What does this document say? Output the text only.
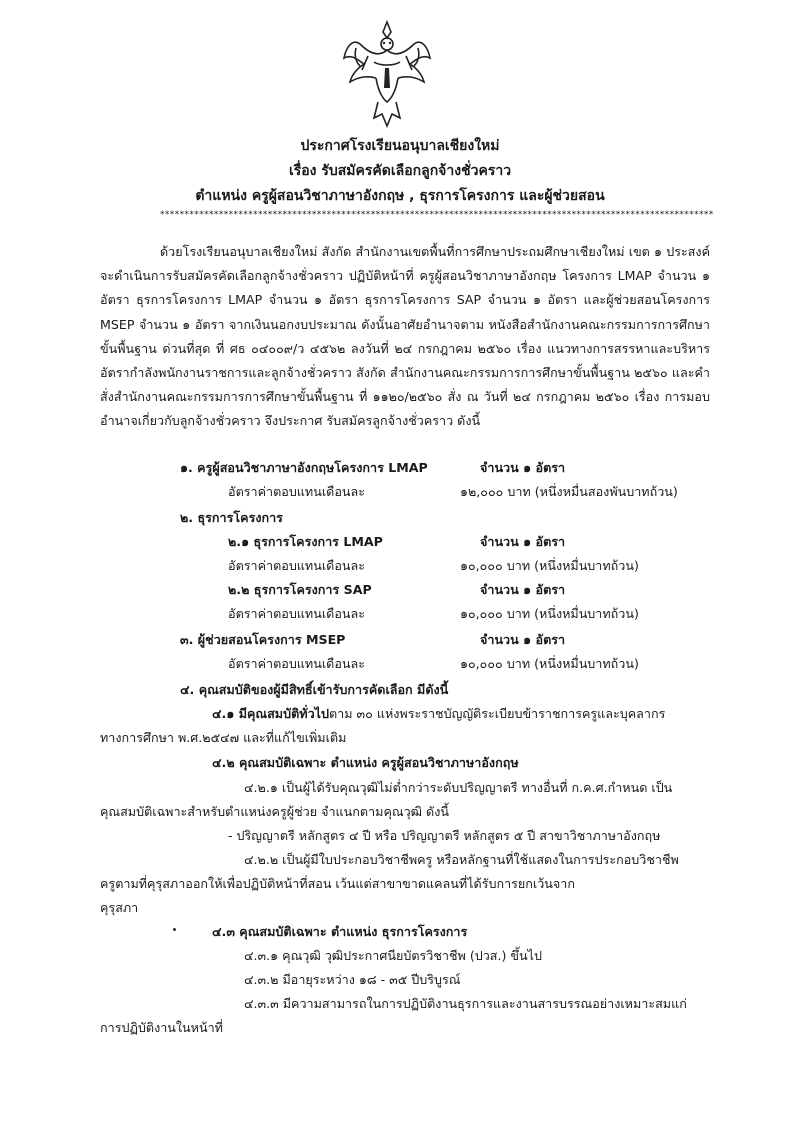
ประกาศโรงเรียนอนุบาลเชียงใหม่
เรื่อง รับสมัครคัดเลือกลูกจ้างชั่วคราว
ตำแหน่ง ครูผู้สอนวิชาภาษาอังกฤษ , ธุรการโครงการ และผู้ช่วยสอน
*****************************************************************************************************************
ด้วยโรงเรียนอนุบาลเชียงใหม่ สังกัด สำนักงานเขตพื้นที่การศึกษาประถมศึกษาเชียงใหม่ เขต ๑ ประสงค์จะดำเนินการรับสมัครคัดเลือกลูกจ้างชั่วคราว ปฏิบัติหน้าที่ ครูผู้สอนวิชาภาษาอังกฤษ โครงการ LMAP จำนวน ๑ อัตรา ธุรการโครงการ LMAP จำนวน ๑ อัตรา ธุรการโครงการ SAP จำนวน ๑ อัตรา และผู้ช่วยสอนโครงการ MSEP จำนวน ๑ อัตรา จากเงินนอกงบประมาณ ดังนั้นอาศัยอำนาจตาม หนังสือสำนักงานคณะกรรมการการศึกษาขั้นพื้นฐาน ด่วนที่สุด ที่ ศธ ๐๔๐๐๙/ว ๔๕๖๒ ลงวันที่ ๒๔ กรกฎาคม ๒๕๖๐ เรื่อง แนวทางการสรรหาและบริหารอัตรากำลังพนักงานราชการและลูกจ้างชั่วคราว สังกัด สำนักงานคณะกรรมการการศึกษาขั้นพื้นฐาน ๒๕๖๐ และคำสั่งสำนักงานคณะกรรมการการศึกษาขั้นพื้นฐาน ที่ ๑๑๒๐/๒๕๖๐ สั่ง ณ วันที่ ๒๔ กรกฎาคม ๒๕๖๐ เรื่อง การมอบอำนาจเกี่ยวกับลูกจ้างชั่วคราว จึงประกาศ รับสมัครลูกจ้างชั่วคราว ดังนี้
๑. ครูผู้สอนวิชาภาษาอังกฤษโครงการ LMAP	จำนวน ๑ อัตรา
อัตราค่าตอบแทนเดือนละ	๑๒,๐๐๐ บาท (หนึ่งหมื่นสองพันบาทถ้วน)
๒. ธุรการโครงการ
๒.๑ ธุรการโครงการ LMAP	จำนวน ๑ อัตรา
อัตราค่าตอบแทนเดือนละ	๑๐,๐๐๐ บาท (หนึ่งหมื่นบาทถ้วน)
๒.๒ ธุรการโครงการ SAP	จำนวน ๑ อัตรา
อัตราค่าตอบแทนเดือนละ	๑๐,๐๐๐ บาท (หนึ่งหมื่นบาทถ้วน)
๓. ผู้ช่วยสอนโครงการ MSEP	จำนวน ๑ อัตรา
อัตราค่าตอบแทนเดือนละ	๑๐,๐๐๐ บาท (หนึ่งหมื่นบาทถ้วน)
๔. คุณสมบัติของผู้มีสิทธิ์เข้ารับการคัดเลือก มีดังนี้
๔.๑ มีคุณสมบัติทั่วไปตาม ๓๐ แห่งพระราชบัญญัติระเบียบข้าราชการครูและบุคลากร
ทางการศึกษา พ.ศ.๒๕๔๗ และที่แก้ไขเพิ่มเติม
๔.๒ คุณสมบัติเฉพาะ ตำแหน่ง ครูผู้สอนวิชาภาษาอังกฤษ
๔.๒.๑ เป็นผู้ได้รับคุณวุฒิไม่ต่ำกว่าระดับปริญญาตรี ทางอื่นที่ ก.ค.ศ.กำหนด เป็น
คุณสมบัติเฉพาะสำหรับตำแหน่งครูผู้ช่วย จำแนกตามคุณวุฒิ ดังนี้
- ปริญญาตรี หลักสูตร ๔ ปี หรือ ปริญญาตรี หลักสูตร ๕ ปี สาขาวิชาภาษาอังกฤษ
๔.๒.๒ เป็นผู้มีใบประกอบวิชาชีพครู หรือหลักฐานที่ใช้แสดงในการประกอบวิชาชีพ
ครูตามที่คุรุสภาออกให้เพื่อปฏิบัติหน้าที่สอน เว้นแต่สาขาขาดแคลนที่ได้รับการยกเว้นจาก
คุรุสภา
๔.๓ คุณสมบัติเฉพาะ ตำแหน่ง ธุรการโครงการ
๔.๓.๑ คุณวุฒิ วุฒิประกาศนียบัตรวิชาชีพ (ปวส.) ขึ้นไป
๔.๓.๒ มีอายุระหว่าง ๑๘ - ๓๕ ปีบริบูรณ์
๔.๓.๓ มีความสามารถในการปฏิบัติงานธุรการและงานสารบรรณอย่างเหมาะสมแก่
การปฏิบัติงานในหน้าที่
